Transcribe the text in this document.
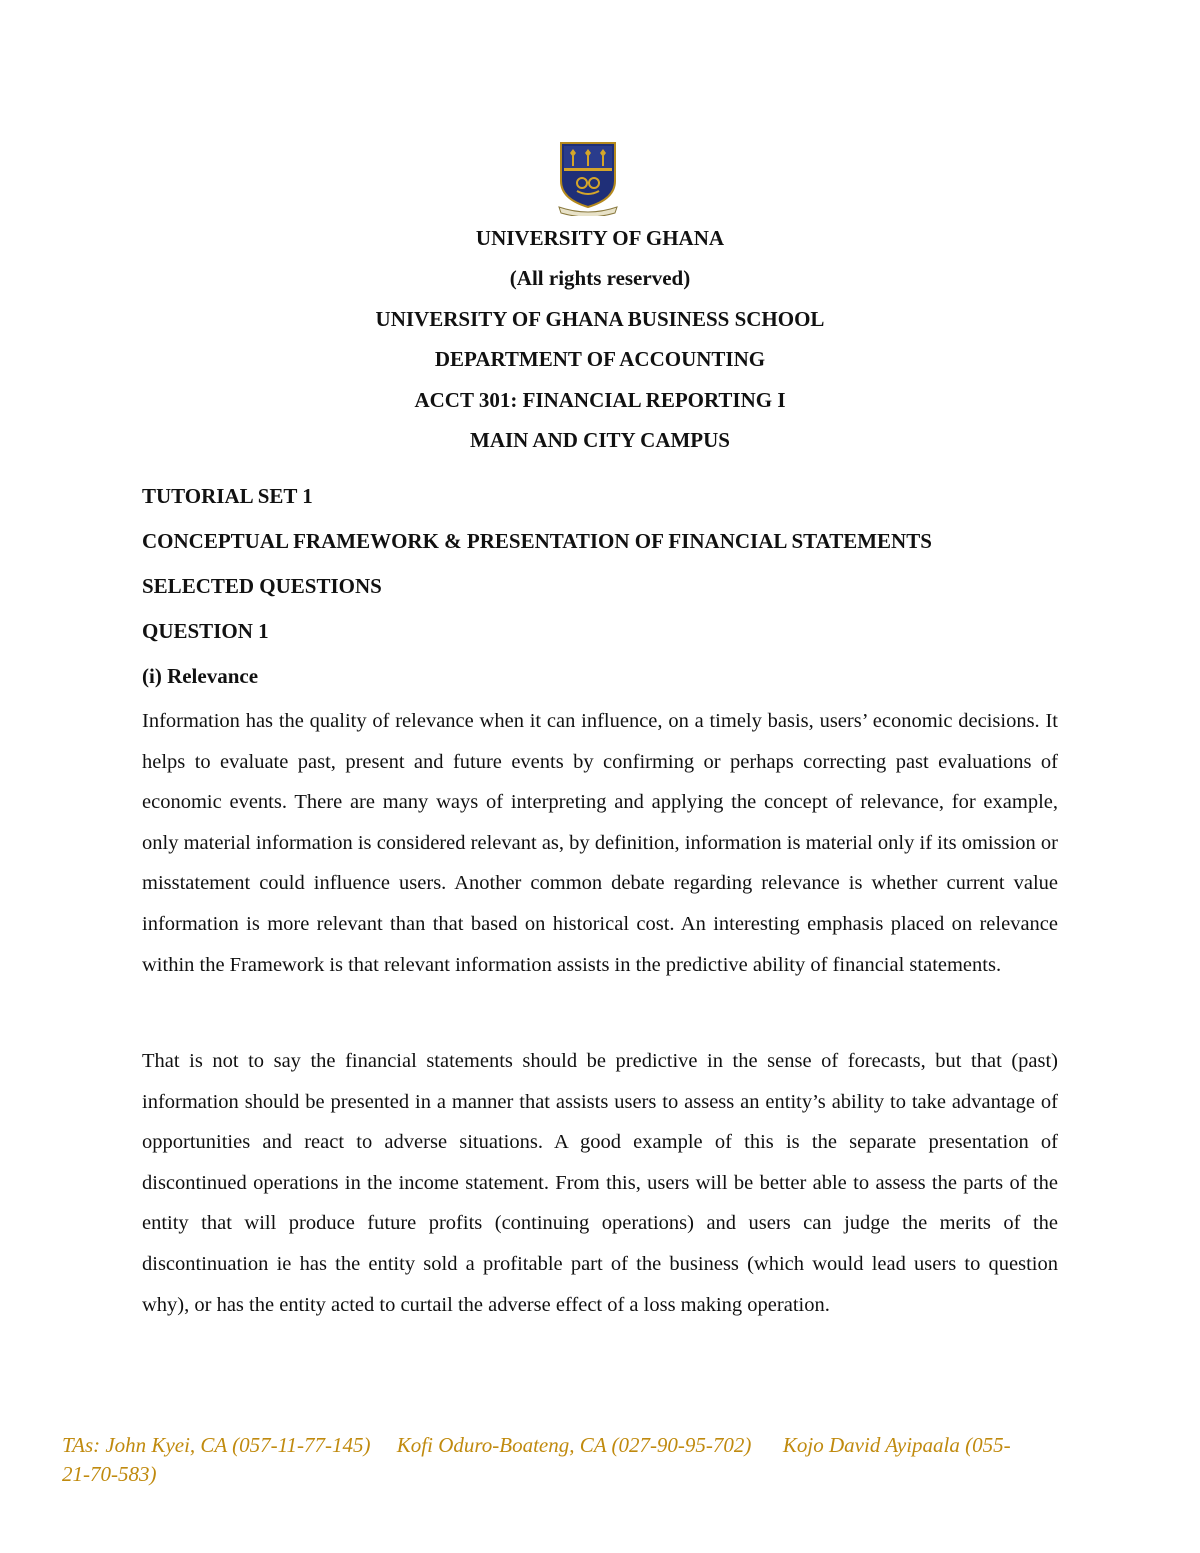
UNIVERSITY OF GHANA
(All rights reserved)
UNIVERSITY OF GHANA BUSINESS SCHOOL
DEPARTMENT OF ACCOUNTING
ACCT 301: FINANCIAL REPORTING I
MAIN AND CITY CAMPUS
TUTORIAL SET 1
CONCEPTUAL FRAMEWORK & PRESENTATION OF FINANCIAL STATEMENTS
SELECTED QUESTIONS
QUESTION 1
(i) Relevance

Information has the quality of relevance when it can influence, on a timely basis, users’ economic decisions. It helps to evaluate past, present and future events by confirming or perhaps correcting past evaluations of economic events. There are many ways of interpreting and applying the concept of relevance, for example, only material information is considered relevant as, by definition, information is material only if its omission or misstatement could influence users. Another common debate regarding relevance is whether current value information is more relevant than that based on historical cost. An interesting emphasis placed on relevance within the Framework is that relevant information assists in the predictive ability of financial statements.

That is not to say the financial statements should be predictive in the sense of forecasts, but that (past) information should be presented in a manner that assists users to assess an entity’s ability to take advantage of opportunities and react to adverse situations. A good example of this is the separate presentation of discontinued operations in the income statement. From this, users will be better able to assess the parts of the entity that will produce future profits (continuing operations) and users can judge the merits of the discontinuation ie has the entity sold a profitable part of the business (which would lead users to question why), or has the entity acted to curtail the adverse effect of a loss making operation.

TAs: John Kyei, CA (057-11-77-145) Kofi Oduro-Boateng, CA (027-90-95-702) Kojo David Ayipaala (055-21-70-583)
